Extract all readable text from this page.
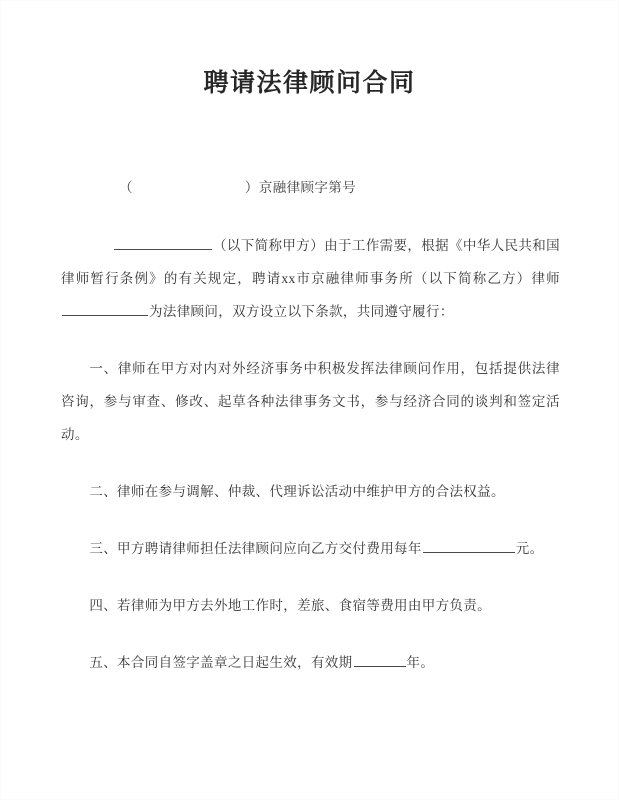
聘请法律顾问合同

（	）京融律顾字第号

（以下简称甲方）由于工作需要，根据《中华人民共和国律师暂行条例》的有关规定，聘请xx市京融律师事务所（以下简称乙方）律师为法律顾问，双方设立以下条款，共同遵守履行：

一、律师在甲方对内对外经济事务中积极发挥法律顾问作用，包括提供法律咨询，参与审查、修改、起草各种法律事务文书，参与经济合同的谈判和签定活动。

二、律师在参与调解、仲裁、代理诉讼活动中维护甲方的合法权益。

三、甲方聘请律师担任法律顾问应向乙方交付费用每年	元。

四、若律师为甲方去外地工作时，差旅、食宿等费用由甲方负责。

五、本合同自签字盖章之日起生效，有效期	年。
